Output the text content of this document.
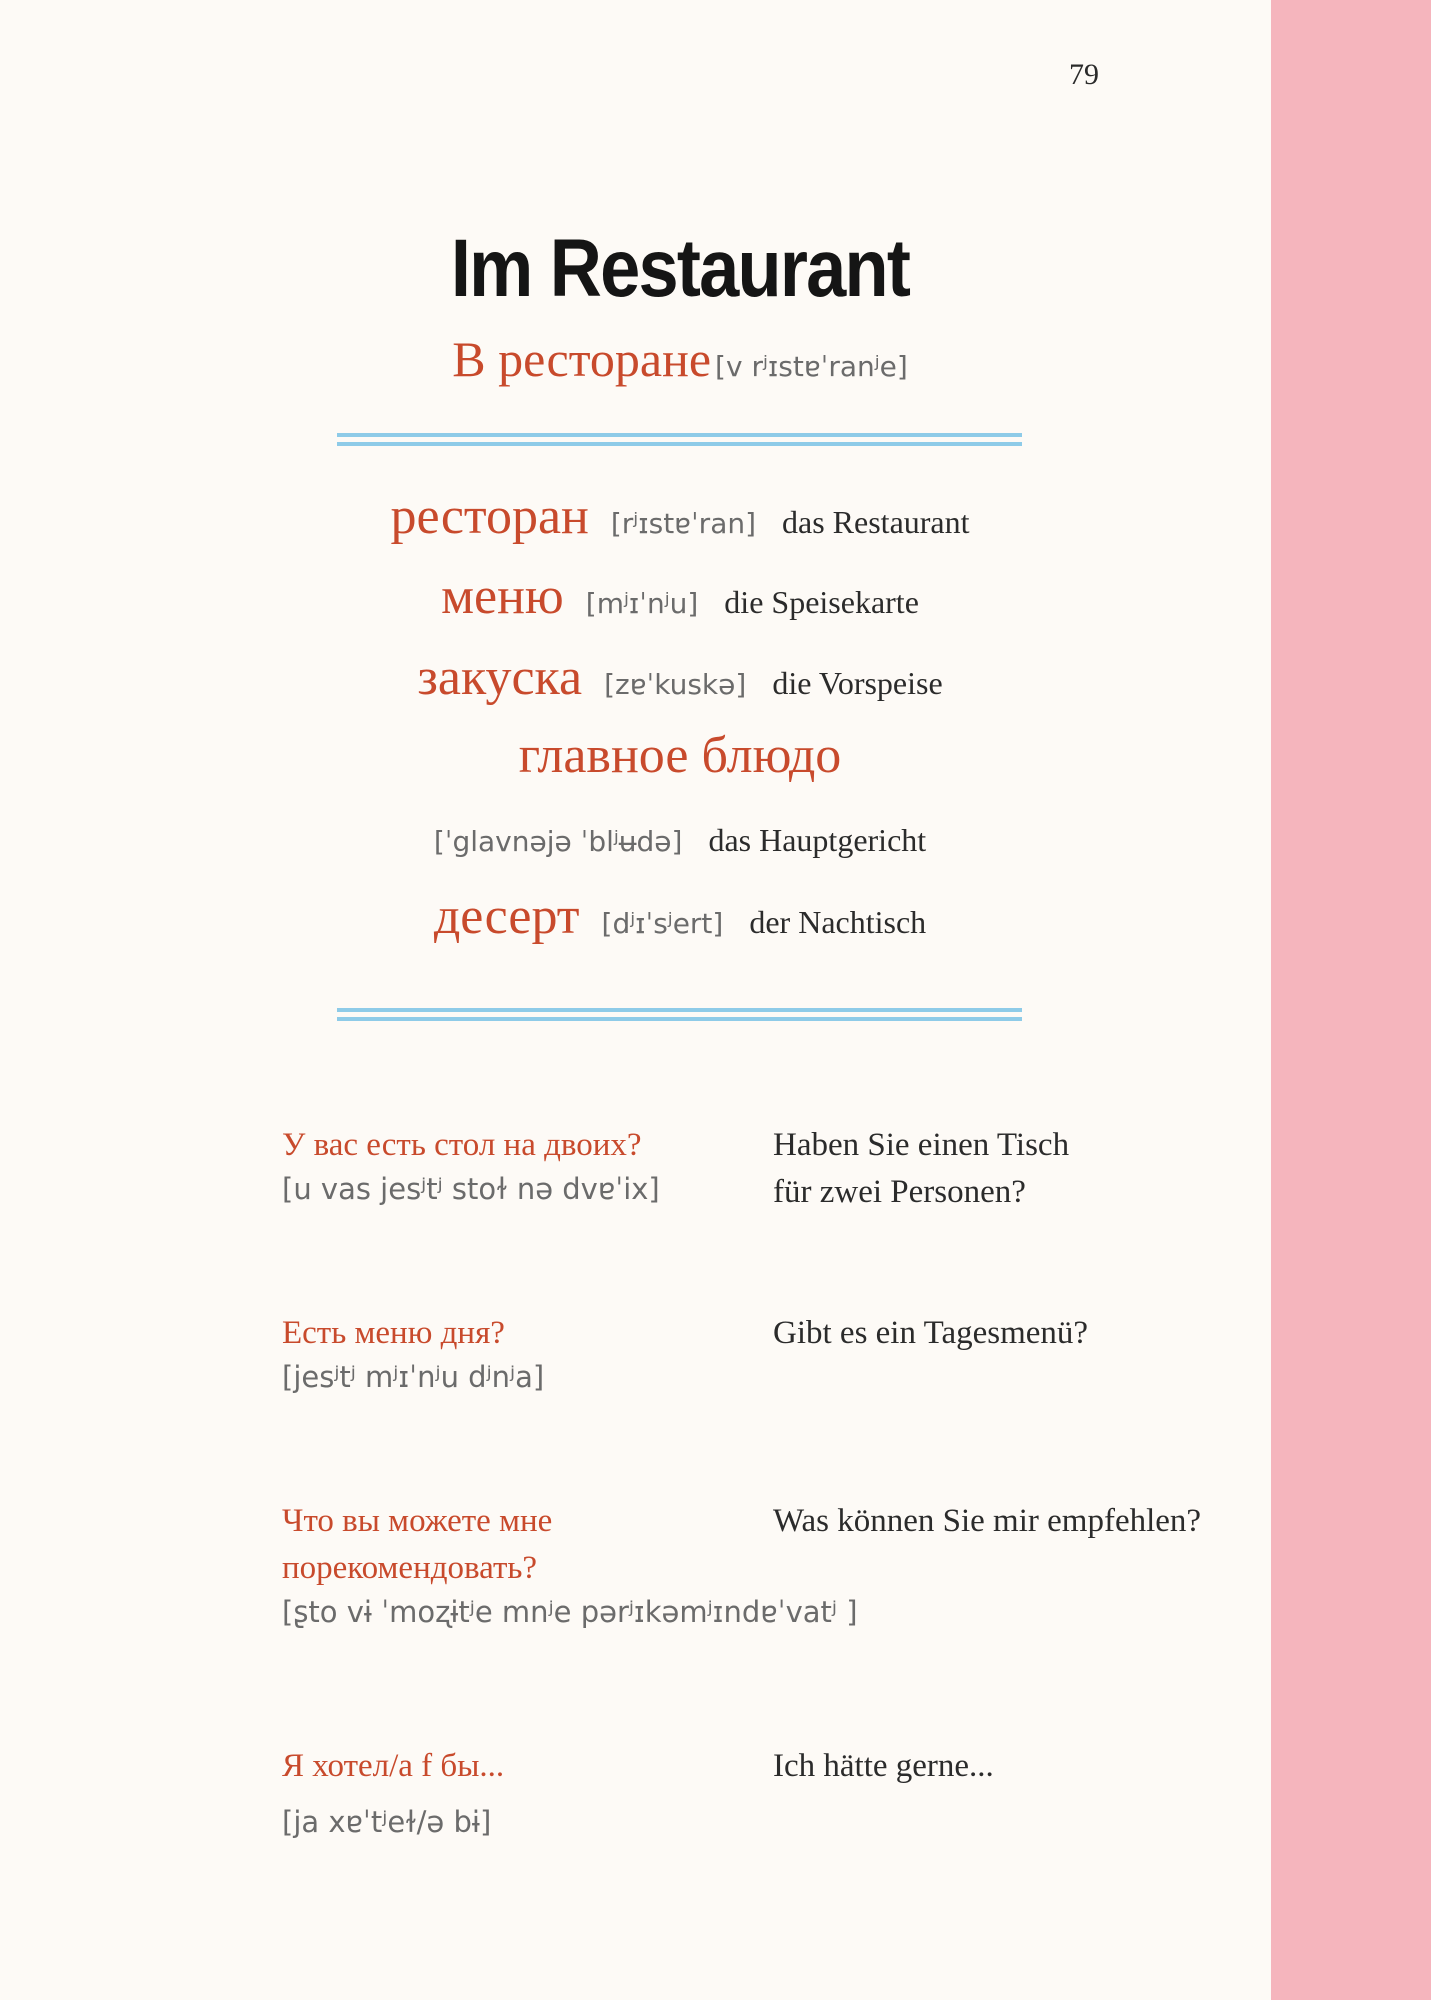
79
Im Restaurant
В ресторане [v rʲɪstɐˈranʲe]
ресторан [rʲɪstɐˈran] das Restaurant
меню [mʲɪˈnʲu] die Speisekarte
закуска [zɐˈkuskə] die Vorspeise
главное блюдо
[ˈglavnəjə ˈblʲʉdə] das Hauptgericht
десерт [dʲɪˈsʲert] der Nachtisch
У вас есть стол на двоих?
[u vas jesʲtʲ stoɫ nə dvɐˈix]
Haben Sie einen Tisch
für zwei Personen?
Есть меню дня?
[jesʲtʲ mʲɪˈnʲu dʲnʲa]
Gibt es ein Tagesmenü?
Что вы можете мне
порекомендовать?
[ʂto vɨ ˈmoʐɨtʲe mnʲe pərʲɪkəmʲɪndɐˈvatʲ ]
Was können Sie mir empfehlen?
Я хотел/а f бы...
[ja xɐˈtʲeɫ/ə bɨ]
Ich hätte gerne...
